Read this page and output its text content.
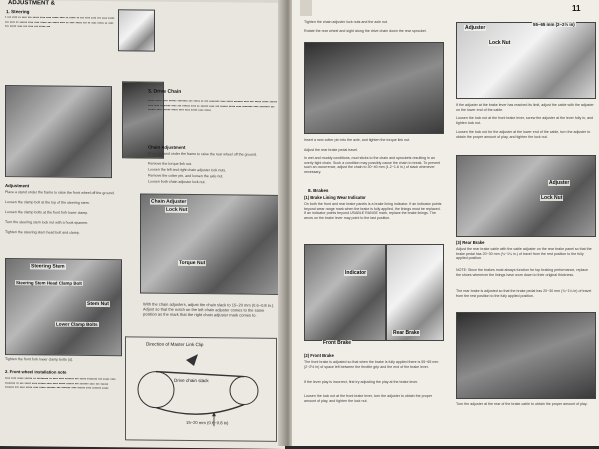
ADJUSTMENT &
1. Steering
▪ ▪▪▪ ▪▪▪▪ ▪▪ ▪▪▪▪ ▪▪▪ ▪▪▪▪▪ ▪▪▪▪ ▪▪▪▪ ▪▪▪▪▪ ▪▪▪▪ ▪▪ ▪▪▪▪▪ ▪▪ ▪▪▪ ▪▪▪▪ ▪▪▪▪ ▪▪▪ ▪▪▪▪ ▪▪▪▪▪ ▪▪▪ ▪▪▪▪ ▪▪ ▪▪▪▪▪▪ ▪▪▪▪ ▪▪▪▪ ▪▪▪▪▪ ▪▪▪ ▪▪▪▪▪ ▪▪▪▪ ▪▪ ▪▪▪▪ ▪▪▪▪▪ ▪▪▪ ▪▪ ▪▪▪▪ ▪▪▪▪▪ ▪▪ ▪▪▪▪ ▪▪▪ ▪▪▪▪▪ ▪▪▪▪ ▪▪▪ ▪▪▪▪ ▪▪▪ ▪▪▪▪▪ ▪▪▪
Adjustment
Place a stand under the frame to raise the front wheel off the ground.
Loosen the clamp bolt at the top of the steering stem.
Loosen the clamp bolts at the front fork lower clamp.
Turn the steering stem lock nut with a hook spanner.
Tighten the steering stem head bolt and clamp.
Steering Stem
Steering Stem Head Clamp Bolt
Stem Nut
Lower Clamp Bolts
Tighten the front fork lower clamp bolts (4).
2. Front wheel installation note
▪▪▪▪ ▪▪▪▪ ▪▪▪▪▪ ▪▪▪▪▪▪ ▪▪ ▪▪▪▪▪▪▪▪▪ ▪▪ ▪▪▪▪ ▪▪▪▪ ▪▪▪▪▪▪▪ ▪▪▪ ▪▪▪▪▪ ▪▪▪▪▪▪▪▪ ▪▪▪ ▪▪▪▪▪ ▪▪▪▪ ▪▪▪▪▪▪▪▪ ▪▪ ▪▪▪ ▪▪▪▪▪ ▪▪▪▪ ▪▪▪▪▪▪ ▪▪▪▪ ▪▪▪▪ ▪▪▪▪▪ ▪▪▪▪▪▪ ▪▪▪ ▪▪▪▪▪▪▪ ▪▪▪▪ ▪▪▪ ▪▪▪▪▪▪ ▪▪▪▪▪▪▪ ▪▪▪ ▪▪▪▪ ▪▪▪▪▪ ▪▪▪▪ ▪▪▪▪▪ ▪▪▪▪▪▪▪ ▪▪▪ ▪▪▪▪▪▪▪ ▪▪▪▪ ▪▪▪▪▪▪ ▪▪▪▪ ▪▪▪▪▪▪▪ ▪▪▪▪▪
3. Drive Chain
▪▪▪▪▪ ▪▪▪▪▪ ▪▪▪▪ ▪▪▪▪▪▪ ▪▪▪▪▪▪▪▪ ▪▪▪ ▪▪▪▪▪ ▪▪ ▪▪▪ ▪▪▪▪▪▪▪▪ ▪▪▪▪ ▪▪▪▪▪ ▪▪▪▪▪▪▪ ▪▪▪▪ ▪▪▪ ▪▪▪▪▪ ▪▪▪▪▪ ▪▪▪▪▪▪ ▪▪▪▪ ▪▪▪▪ ▪▪▪▪▪▪▪▪ ▪▪▪▪ ▪▪▪ ▪▪▪▪▪▪ ▪▪▪▪ ▪▪ ▪▪▪▪▪▪ ▪▪▪▪ ▪▪▪ ▪▪▪▪▪▪ ▪▪▪▪▪ ▪▪▪▪ ▪▪▪▪▪▪▪▪ ▪▪▪▪ ▪▪▪▪▪▪▪▪ ▪▪▪ ▪▪▪▪▪▪ ▪▪▪▪ ▪▪▪▪▪▪ ▪▪▪▪▪ ▪▪▪▪ ▪▪▪▪ ▪▪▪▪▪ ▪▪▪▪ ▪▪▪▪▪
Chain Adjustment
Place a stand under the frame to raise the rear wheel off the ground.
Remove the torque link nut.
Loosen the left and right chain adjuster lock nuts.
Remove the cotter pin, and loosen the axle nut.
Loosen both chain adjuster lock nut.
Chain Adjuster
Lock Nut
Torque Nut
With the chain adjusters, adjust the chain slack to 15~20 mm (0.6~0.8 in.). Adjust so that the notch on the left chain adjuster comes to the same position as the mark that the right chain adjuster mark comes to.
Direction of Master Link Clip
Drive chain slack
15~20 mm (0.6~0.8 in)
11
Tighten the chain adjuster lock nuts and the axle nut.
Rotate the rear wheel and sight along the drive chain down the rear sprocket.
Insert a new cotter pin into the axle, and tighten the torque link nut.
Adjust the rear brake pedal travel.
In wet and muddy conditions, mud sticks to the chain and sprockets resulting in an overly tight chain. Such a condition may possibly cause the chain to break. To prevent such an occurrence, adjust the chain to 30~40 mm (1.2~1.6 in.) of slack whenever necessary.
8. Brakes
(1) Brake Lining Wear Indicator
On both the front and rear brake panels is a brake lining indicator. If an indicator points beyond wear range mark when the brake is fully applied, the linings must be replaced. If an indicator points beyond USABLE RANGE mark, replace the brake linings. The arrow on the brake lever may point to the last position.
Indicator
Rear Brake
Front Brake
(2) Front Brake
The front brake is adjusted so that when the brake is fully applied there is 55~65 mm (2~2½ in) of space left between the throttle grip and the end of the brake lever.
If the lever play is incorrect, first try adjusting the play at the brake lever.
Loosen the lock nut at the front brake lever, turn the adjuster to obtain the proper amount of play, and tighten the lock nut.
Adjuster
55~65 mm (2~2½ in)
Lock Nut
If the adjuster at the brake lever has reached its limit, adjust the cable with the adjuster on the lower end of the cable.
Loosen the lock nut at the front brake lever, screw the adjuster at the lever fully in, and tighten lock nut.
Loosen the lock nut for the adjuster at the lower end of the cable, turn the adjuster to obtain the proper amount of play, and tighten the lock nut.
Adjuster
Lock Nut
(3) Rear Brake
Adjust the rear brake cable with the cable adjuster on the rear brake panel so that the brake pedal has 20~30 mm (¾~1¼ in.) of travel from the rest position to the fully applied position.
NOTE: Since the brakes must always function for top braking performance, replace the shoes whenever the linings have worn down to their original thickness.
The rear brake is adjusted so that the brake pedal has 20~30 mm (¾~1¼ in) of travel from the rest position to the fully applied position.
Turn the adjuster at the rear of the brake cable to obtain the proper amount of play.
